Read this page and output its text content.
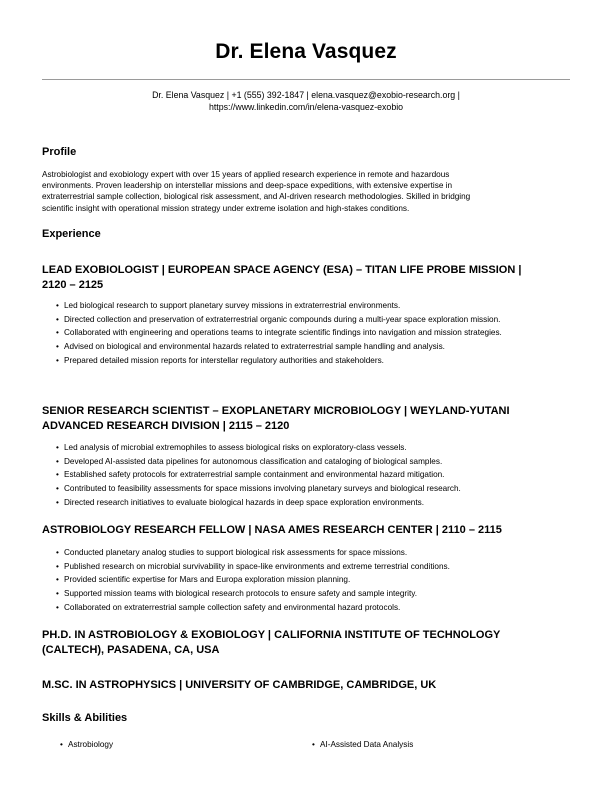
Dr. Elena Vasquez
Dr. Elena Vasquez | +1 (555) 392-1847 | elena.vasquez@exobio-research.org |
https://www.linkedin.com/in/elena-vasquez-exobio
Profile
Astrobiologist and exobiology expert with over 15 years of applied research experience in remote and hazardous
environments. Proven leadership on interstellar missions and deep-space expeditions, with extensive expertise in
extraterrestrial sample collection, biological risk assessment, and AI-driven research methodologies. Skilled in bridging
scientific insight with operational mission strategy under extreme isolation and high-stakes conditions.
Experience
LEAD EXOBIOLOGIST | EUROPEAN SPACE AGENCY (ESA) – TITAN LIFE PROBE MISSION |
2120 – 2125
• Led biological research to support planetary survey missions in extraterrestrial environments.
• Directed collection and preservation of extraterrestrial organic compounds during a multi-year space exploration mission.
• Collaborated with engineering and operations teams to integrate scientific findings into navigation and mission strategies.
• Advised on biological and environmental hazards related to extraterrestrial sample handling and analysis.
• Prepared detailed mission reports for interstellar regulatory authorities and stakeholders.
SENIOR RESEARCH SCIENTIST – EXOPLANETARY MICROBIOLOGY | WEYLAND-YUTANI
ADVANCED RESEARCH DIVISION | 2115 – 2120
• Led analysis of microbial extremophiles to assess biological risks on exploratory-class vessels.
• Developed AI-assisted data pipelines for autonomous classification and cataloging of biological samples.
• Established safety protocols for extraterrestrial sample containment and environmental hazard mitigation.
• Contributed to feasibility assessments for space missions involving planetary surveys and biological research.
• Directed research initiatives to evaluate biological hazards in deep space exploration environments.
ASTROBIOLOGY RESEARCH FELLOW | NASA AMES RESEARCH CENTER | 2110 – 2115
• Conducted planetary analog studies to support biological risk assessments for space missions.
• Published research on microbial survivability in space-like environments and extreme terrestrial conditions.
• Provided scientific expertise for Mars and Europa exploration mission planning.
• Supported mission teams with biological research protocols to ensure safety and sample integrity.
• Collaborated on extraterrestrial sample collection safety and environmental hazard protocols.
PH.D. IN ASTROBIOLOGY & EXOBIOLOGY | CALIFORNIA INSTITUTE OF TECHNOLOGY
(CALTECH), PASADENA, CA, USA
M.SC. IN ASTROPHYSICS | UNIVERSITY OF CAMBRIDGE, CAMBRIDGE, UK
Skills & Abilities
• Astrobiology
•	AI-Assisted Data Analysis
